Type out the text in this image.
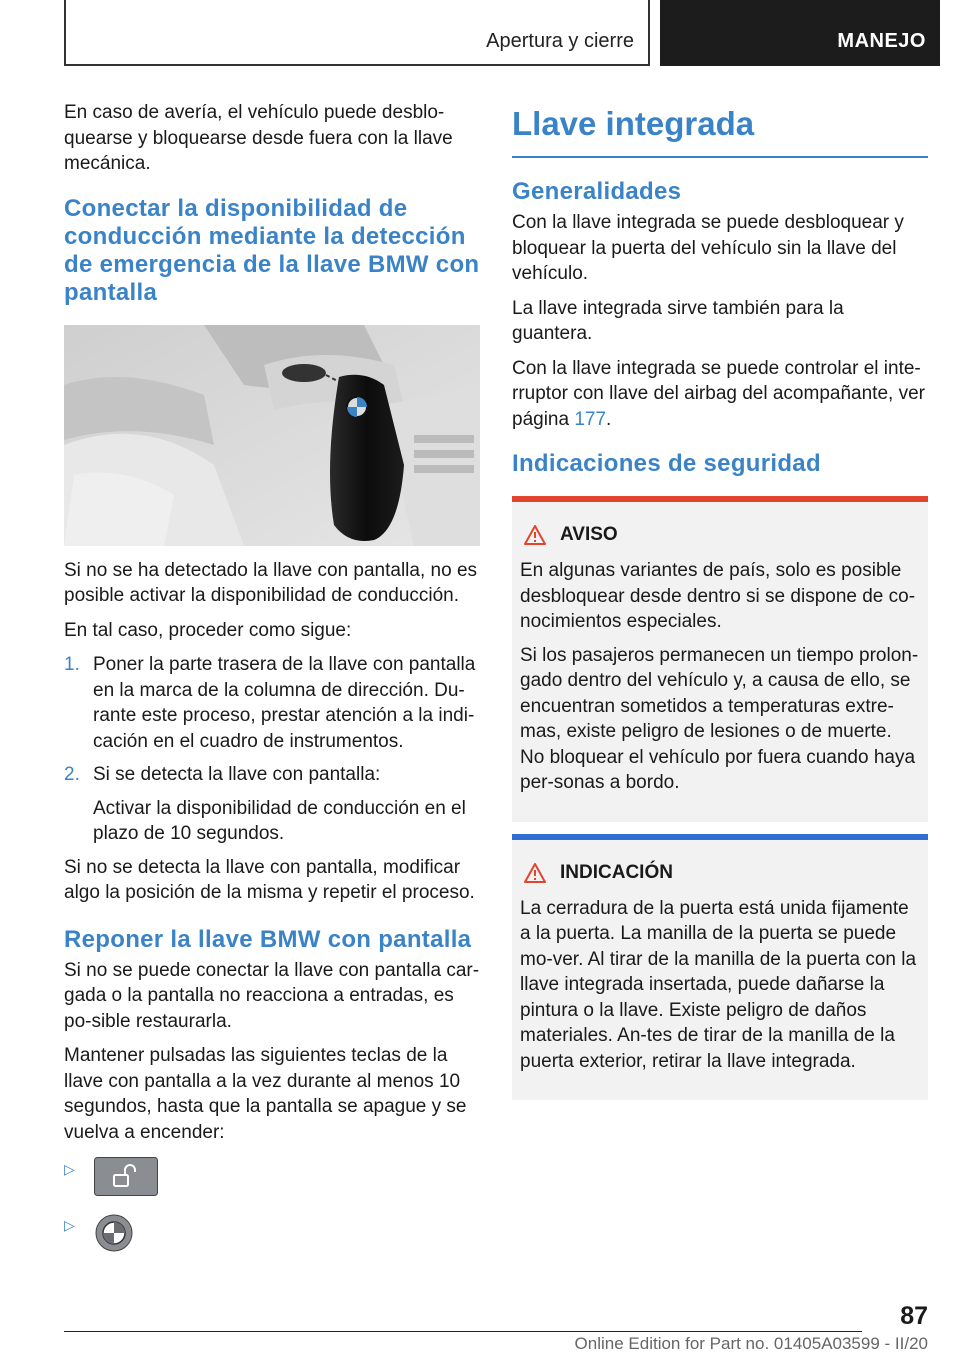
Apertura y cierre	MANEJO

En caso de avería, el vehículo puede desblo‐quearse y bloquearse desde fuera con la llave mecánica.

Conectar la disponibilidad de conducción mediante la detección de emergencia de la llave BMW con pantalla

Si no se ha detectado la llave con pantalla, no es posible activar la disponibilidad de conducción.

En tal caso, proceder como sigue:

1. Poner la parte trasera de la llave con pantalla en la marca de la columna de dirección. Du‐rante este proceso, prestar atención a la indi‐cación en el cuadro de instrumentos.

2. Si se detecta la llave con pantalla:

Activar la disponibilidad de conducción en el plazo de 10 segundos.

Si no se detecta la llave con pantalla, modificar algo la posición de la misma y repetir el proceso.

Reponer la llave BMW con pantalla

Si no se puede conectar la llave con pantalla car‐gada o la pantalla no reacciona a entradas, es po‐sible restaurarla.

Mantener pulsadas las siguientes teclas de la llave con pantalla a la vez durante al menos 10 segundos, hasta que la pantalla se apague y se vuelva a encender:

▷
▷
Llave integrada
Generalidades

Con la llave integrada se puede desbloquear y bloquear la puerta del vehículo sin la llave del vehículo.

La llave integrada sirve también para la guantera.

Con la llave integrada se puede controlar el inte‐rruptor con llave del airbag del acompañante, ver página 177.

Indicaciones de seguridad
AVISO

En algunas variantes de país, solo es posible desbloquear desde dentro si se dispone de co‐nocimientos especiales.

Si los pasajeros permanecen un tiempo prolon‐gado dentro del vehículo y, a causa de ello, se encuentran sometidos a temperaturas extre‐mas, existe peligro de lesiones o de muerte. No bloquear el vehículo por fuera cuando haya per‐sonas a bordo.

INDICACIÓN

La cerradura de la puerta está unida fijamente a la puerta. La manilla de la puerta se puede mo‐ver. Al tirar de la manilla de la puerta con la llave integrada insertada, puede dañarse la pintura o la llave. Existe peligro de daños materiales. An‐tes de tirar de la manilla de la puerta exterior, retirar la llave integrada.

87
Online Edition for Part no. 01405A03599 - II/20
